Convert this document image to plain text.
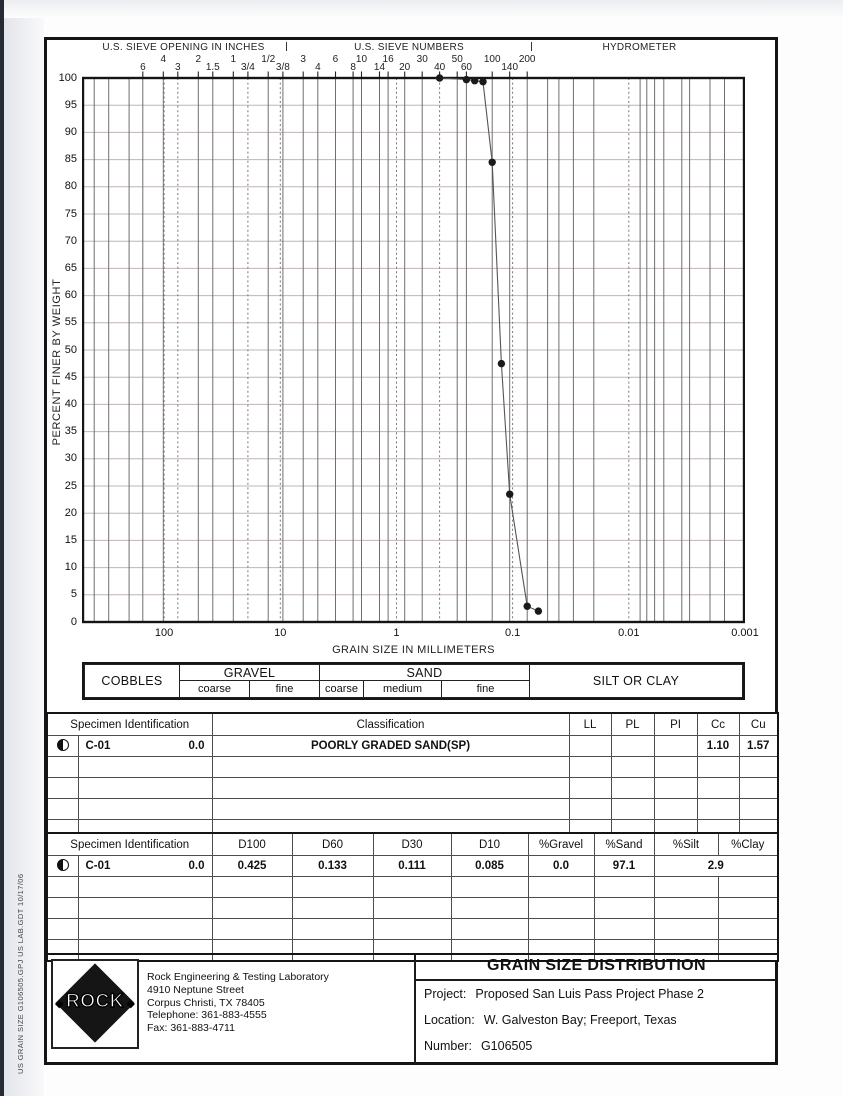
U.S. SIEVE OPENING IN INCHES	U.S. SIEVE NUMBERS	HYDROMETER
6
4
3
2
1.5
1
3/4
1/2
3/8
3
4
6
8
10
14
16
20
30
40
50
60
100
140
200
0
5
10
15
20
25
30
35
40
45
50
55
60
65
70
75
80
85
90
95
100
100	10	1	0.1	0.01	0.001
PERCENT FINER BY WEIGHT
GRAIN SIZE IN MILLIMETERS
COBBLES
GRAVEL
coarse	fine
SAND
coarse	medium	fine
SILT OR CLAY
Specimen Identification		Classification	LL	PL	PI	Cc	Cu

	C-01 0.0	POORLY GRADED SAND(SP)				1.10	1.57

Specimen Identification		D100	D60	D30	D10	%Gravel	%Sand	%Silt	%Clay

	C-01 0.0	0.425	0.133	0.111	0.085	0.0	97.1	2.9	

◆	◆
ROCK
Rock Engineering & Testing Laboratory
4910 Neptune Street
Corpus Christi, TX 78405
Telephone: 361-883-4555
Fax: 361-883-4711
GRAIN SIZE DISTRIBUTION
Project: Proposed San Luis Pass Project Phase 2
Location: W. Galveston Bay; Freeport, Texas
Number: G106505
US GRAIN SIZE G106505.GPJ US LAB.GDT 10/17/06
